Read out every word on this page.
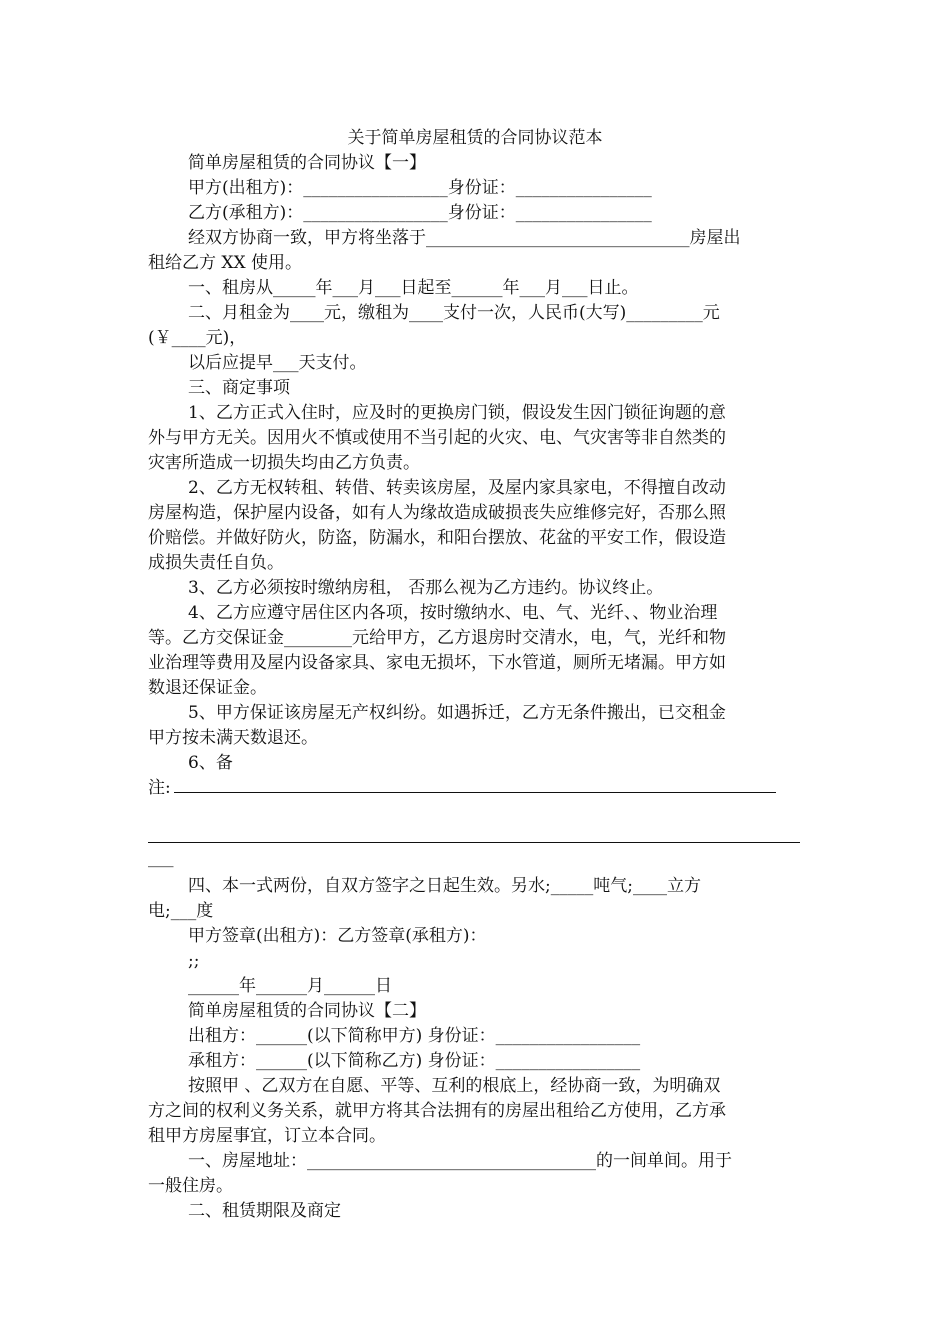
关于简单房屋租赁的合同协议范本
简单房屋租赁的合同协议【一】
甲方(出租方)：_________________身份证：________________
乙方(承租方)：_________________身份证：________________
经双方协商一致，甲方将坐落于_______________________________房屋出
租给乙方 XX 使用。
一、租房从_____年___月___日起至______年___月___日止。
二、月租金为____元，缴租为____支付一次，人民币(大写)_________元
(￥____元)，
以后应提早___天支付。
三、商定事项
1、乙方正式入住时，应及时的更换房门锁，假设发生因门锁征询题的意
外与甲方无关。因用火不慎或使用不当引起的火灾、电、气灾害等非自然类的
灾害所造成一切损失均由乙方负责。
2、乙方无权转租、转借、转卖该房屋，及屋内家具家电，不得擅自改动
房屋构造，保护屋内设备，如有人为缘故造成破损丧失应维修完好，否那么照
价赔偿。并做好防火，防盗，防漏水，和阳台摆放、花盆的平安工作，假设造
成损失责任自负。
3、乙方必须按时缴纳房租， 否那么视为乙方违约。协议终止。
4、乙方应遵守居住区内各项，按时缴纳水、电、气、光纤、、物业治理
等。乙方交保证金________元给甲方，乙方退房时交清水，电，气，光纤和物
业治理等费用及屋内设备家具、家电无损坏，下水管道，厕所无堵漏。甲方如
数退还保证金。
5、甲方保证该房屋无产权纠纷。如遇拆迁，乙方无条件搬出，已交租金
甲方按未满天数退还。
6、备
注:
___
四、本一式两份，自双方签字之日起生效。另水;_____吨气;____立方
电;___度
甲方签章(出租方)：乙方签章(承租方)：
;;
______年______月______日
简单房屋租赁的合同协议【二】
出租方：______(以下简称甲方) 身份证：_________________
承租方：______(以下简称乙方) 身份证：_________________
按照甲 、乙双方在自愿、平等、互利的根底上，经协商一致，为明确双
方之间的权利义务关系，就甲方将其合法拥有的房屋出租给乙方使用，乙方承
租甲方房屋事宜，订立本合同。
一、房屋地址：__________________________________的一间单间。用于
一般住房。
二、租赁期限及商定
